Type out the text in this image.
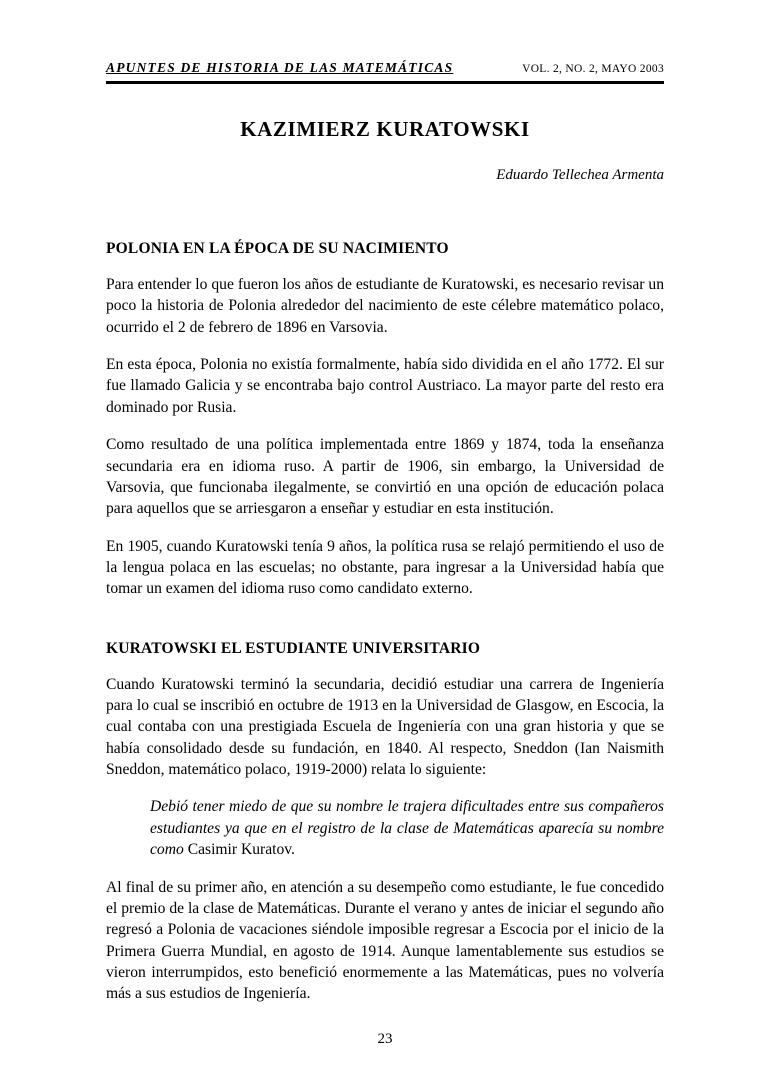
APUNTES DE HISTORIA DE LAS MATEMÁTICAS	VOL. 2, NO. 2, MAYO 2003
KAZIMIERZ KURATOWSKI
Eduardo Tellechea Armenta
POLONIA EN LA ÉPOCA DE SU NACIMIENTO

Para entender lo que fueron los años de estudiante de Kuratowski, es necesario revisar un poco la historia de Polonia alrededor del nacimiento de este célebre matemático polaco, ocurrido el 2 de febrero de 1896 en Varsovia.

En esta época, Polonia no existía formalmente, había sido dividida en el año 1772. El sur fue llamado Galicia y se encontraba bajo control Austriaco. La mayor parte del resto era dominado por Rusia.

Como resultado de una política implementada entre 1869 y 1874, toda la enseñanza secundaria era en idioma ruso. A partir de 1906, sin embargo, la Universidad de Varsovia, que funcionaba ilegalmente, se convirtió en una opción de educación polaca para aquellos que se arriesgaron a enseñar y estudiar en esta institución.

En 1905, cuando Kuratowski tenía 9 años, la política rusa se relajó permitiendo el uso de la lengua polaca en las escuelas; no obstante, para ingresar a la Universidad había que tomar un examen del idioma ruso como candidato externo.

KURATOWSKI EL ESTUDIANTE UNIVERSITARIO

Cuando Kuratowski terminó la secundaria, decidió estudiar una carrera de Ingeniería para lo cual se inscribió en octubre de 1913 en la Universidad de Glasgow, en Escocia, la cual contaba con una prestigiada Escuela de Ingeniería con una gran historia y que se había consolidado desde su fundación, en 1840. Al respecto, Sneddon (Ian Naismith Sneddon, matemático polaco, 1919-2000) relata lo siguiente:

Debió tener miedo de que su nombre le trajera dificultades entre sus compañeros estudiantes ya que en el registro de la clase de Matemáticas aparecía su nombre como Casimir Kuratov.

Al final de su primer año, en atención a su desempeño como estudiante, le fue concedido el premio de la clase de Matemáticas. Durante el verano y antes de iniciar el segundo año regresó a Polonia de vacaciones siéndole imposible regresar a Escocia por el inicio de la Primera Guerra Mundial, en agosto de 1914. Aunque lamentablemente sus estudios se vieron interrumpidos, esto benefició enormemente a las Matemáticas, pues no volvería más a sus estudios de Ingeniería.

23
